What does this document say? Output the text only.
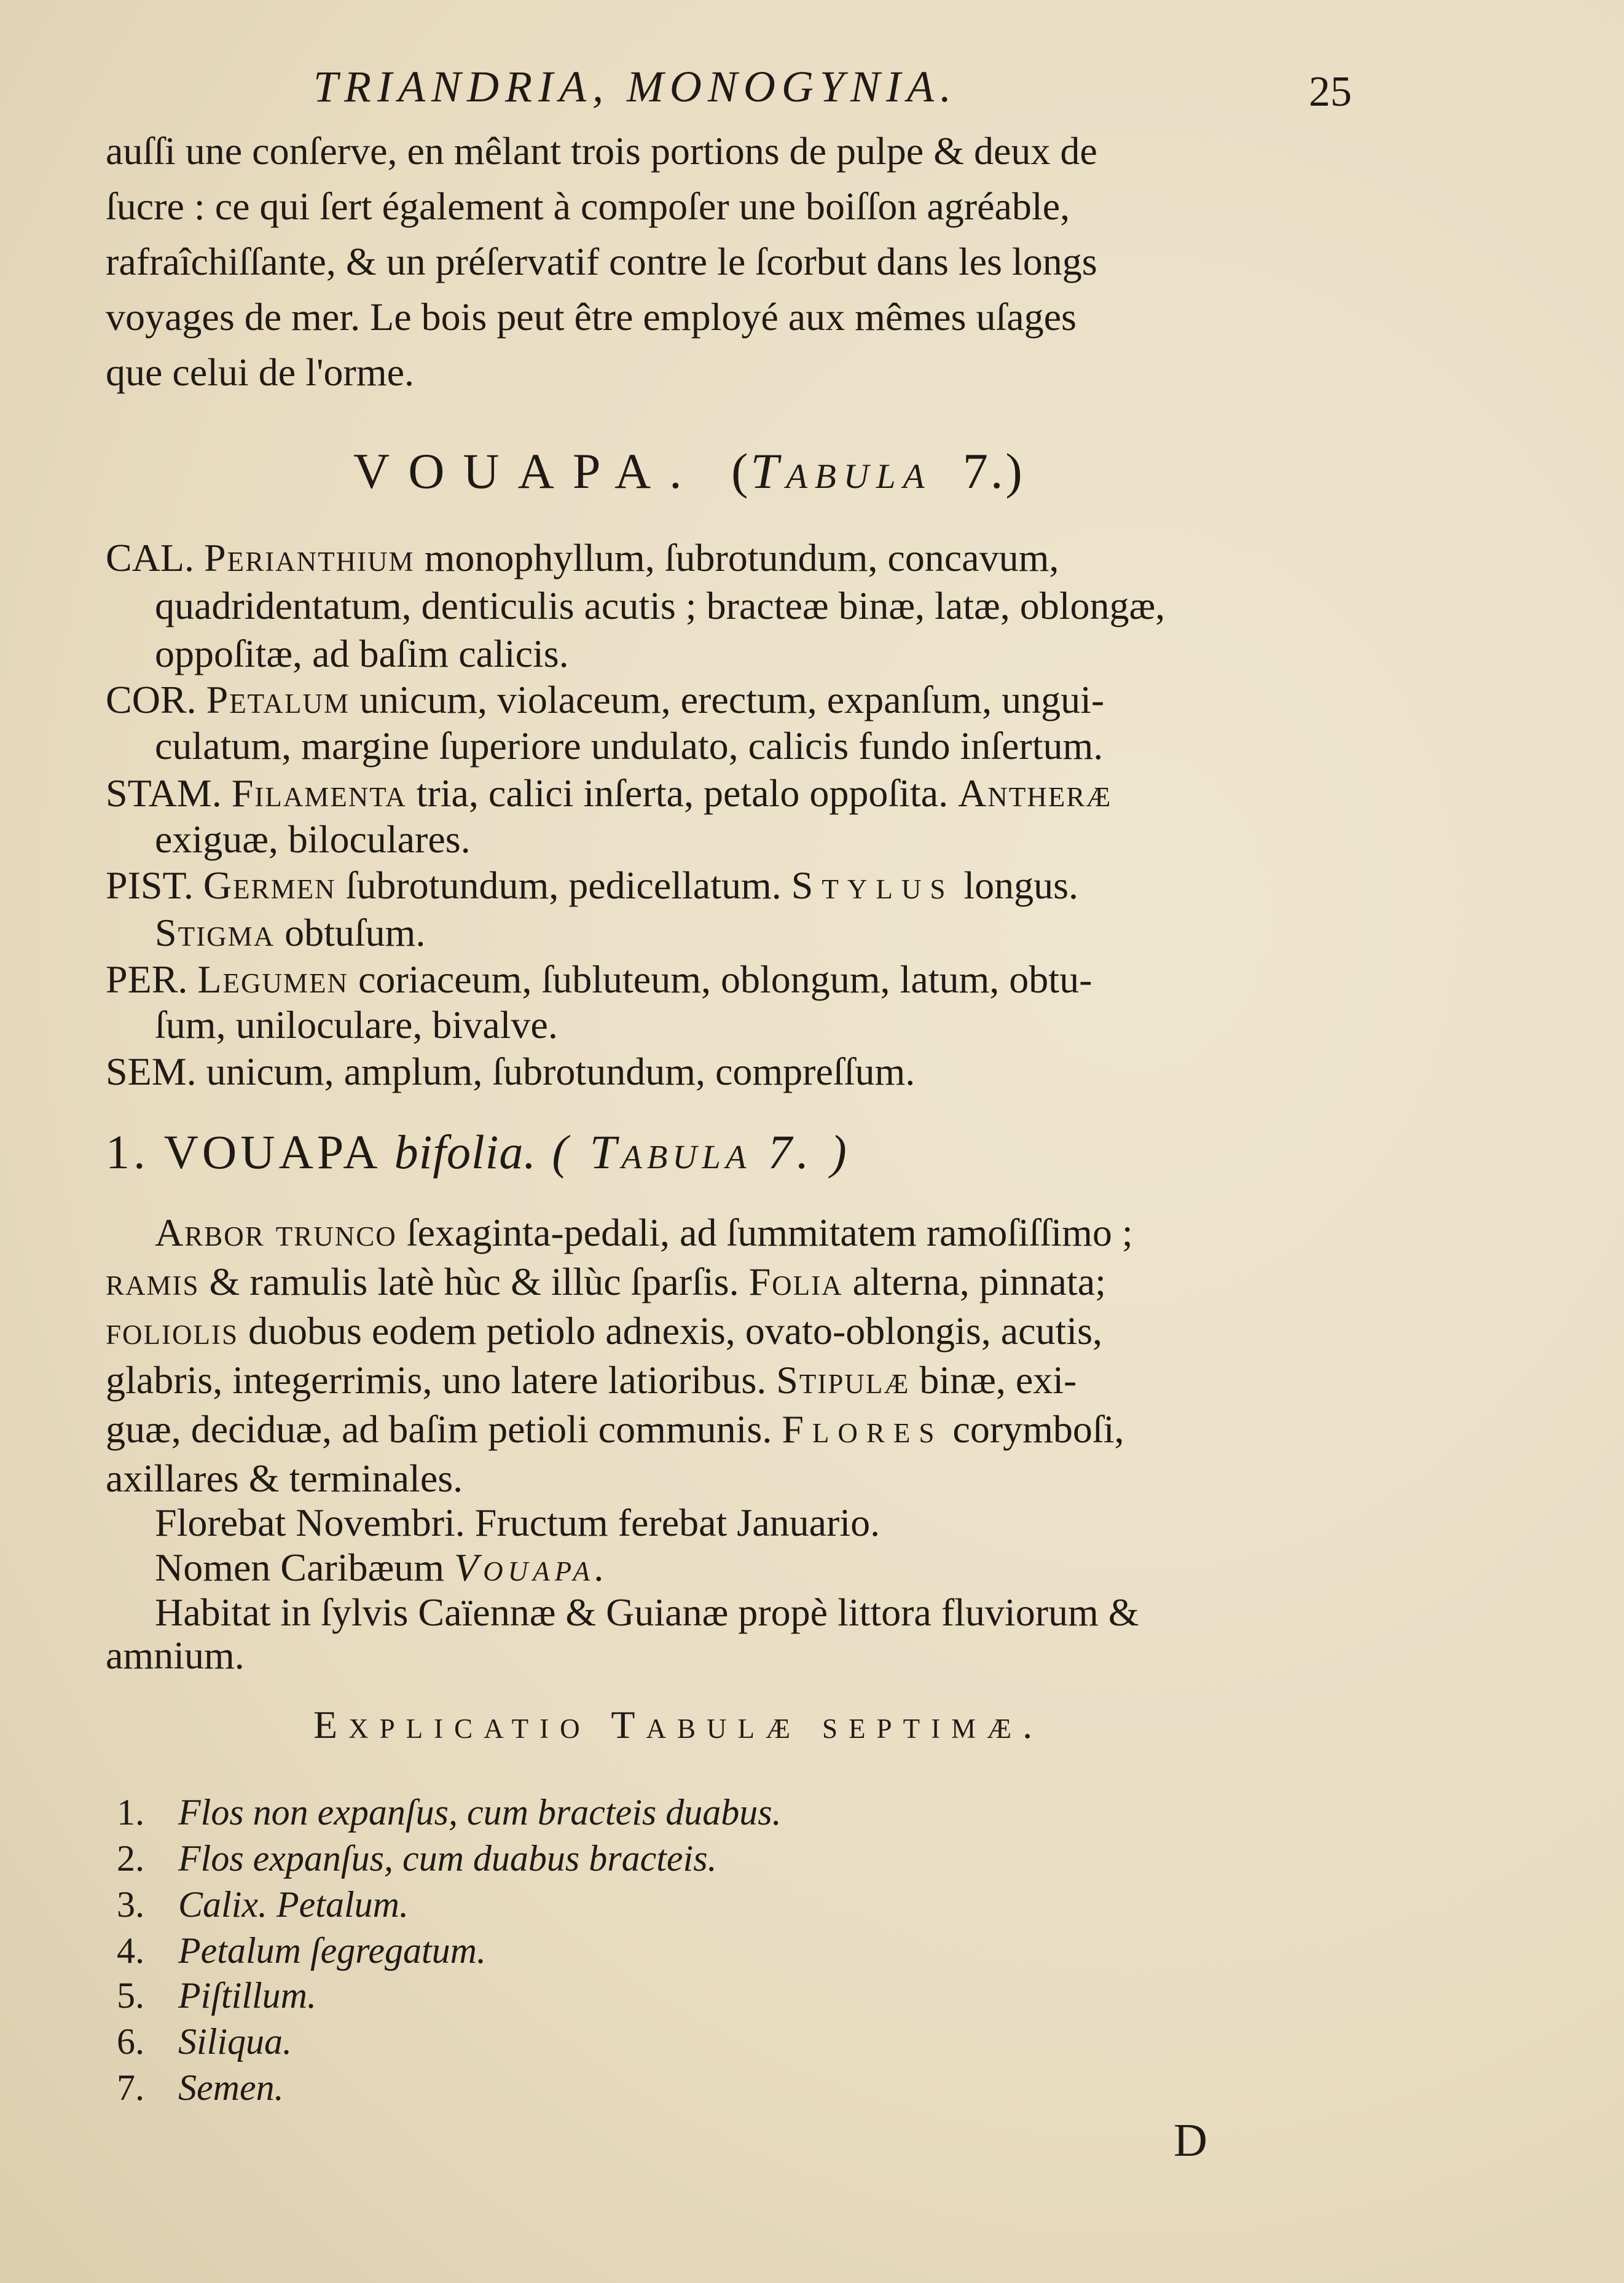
TRIANDRIA, MONOGYNIA.	25
auſſi une conſerve, en mêlant trois portions de pulpe & deux de
ſucre : ce qui ſert également à compoſer une boiſſon agréable,
rafraîchiſſante, & un préſervatif contre le ſcorbut dans les longs
voyages de mer. Le bois peut être employé aux mêmes uſages
que celui de l'orme.
VOUAPA. (Tabula 7.)
CAL. Perianthium monophyllum, ſubrotundum, concavum,
quadridentatum, denticulis acutis ; bracteæ binæ, latæ, oblongæ,
oppoſitæ, ad baſim calicis.
COR. Petalum unicum, violaceum, erectum, expanſum, ungui-
culatum, margine ſuperiore undulato, calicis fundo inſertum.
STAM. Filamenta tria, calici inſerta, petalo oppoſita. Antheræ
exiguæ, biloculares.
PIST. Germen ſubrotundum, pedicellatum. Stylus longus.
Stigma obtuſum.
PER. Legumen coriaceum, ſubluteum, oblongum, latum, obtu-
ſum, uniloculare, bivalve.
SEM. unicum, amplum, ſubrotundum, compreſſum.
1. VOUAPA bifolia. ( Tabula 7. )
Arbor trunco ſexaginta-pedali, ad ſummitatem ramoſiſſimo ;
ramis & ramulis latè hùc & illùc ſparſis. Folia alterna, pinnata;
foliolis duobus eodem petiolo adnexis, ovato-oblongis, acutis,
glabris, integerrimis, uno latere latioribus. Stipulæ binæ, exi-
guæ, deciduæ, ad baſim petioli communis. Flores corymboſi,
axillares & terminales.
Florebat Novembri. Fructum ferebat Januario.
Nomen Caribæum Vouapa.
Habitat in ſylvis Caïennæ & Guianæ propè littora fluviorum &
amnium.
Explicatio Tabulæ septimæ.
1. Flos non expanſus, cum bracteis duabus.
2. Flos expanſus, cum duabus bracteis.
3. Calix. Petalum.
4. Petalum ſegregatum.
5. Piſtillum.
6. Siliqua.
7. Semen.
D
